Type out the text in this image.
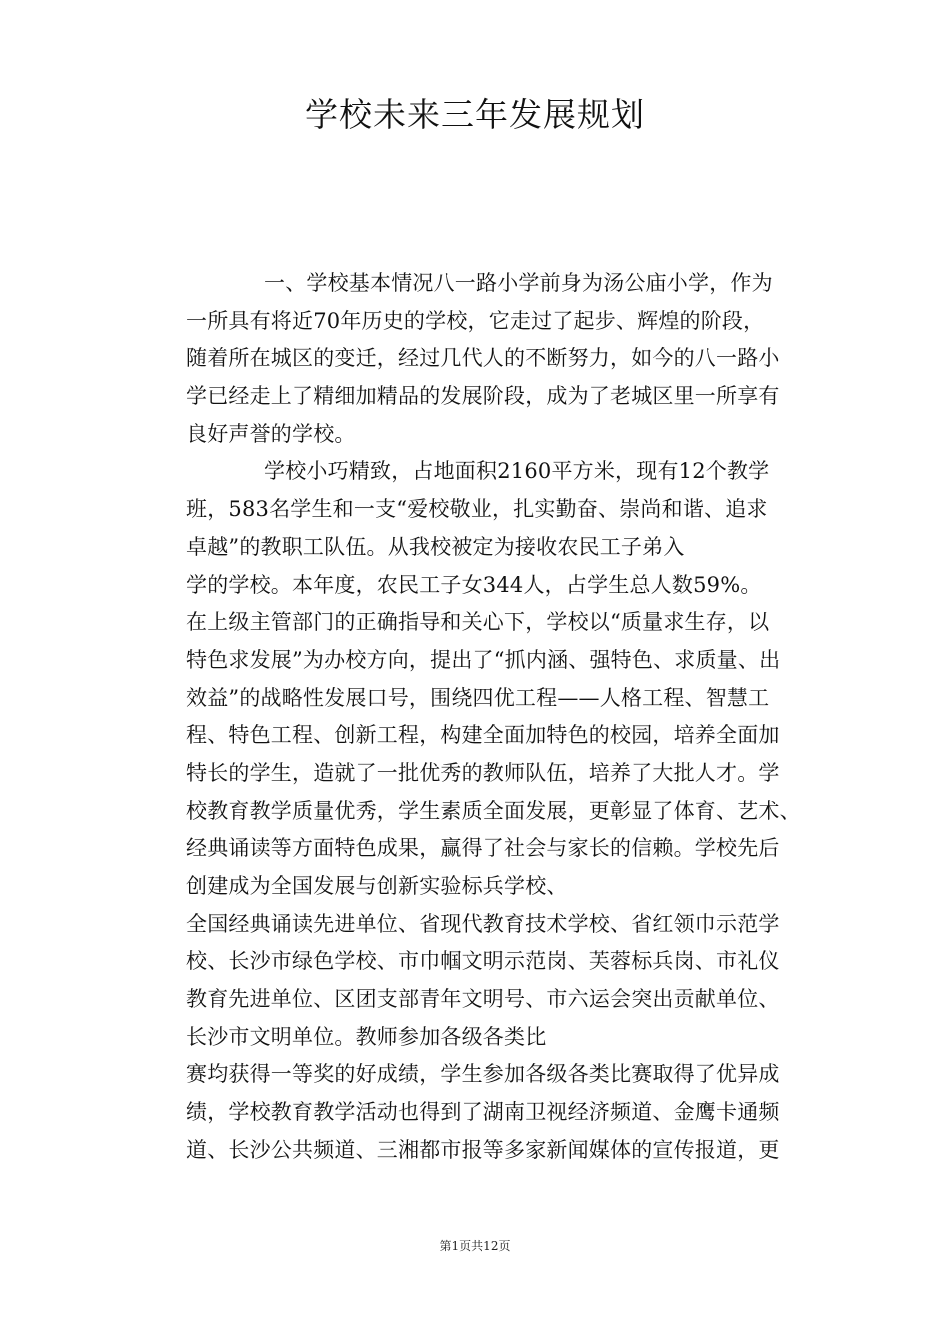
学校未来三年发展规划
一、学校基本情况八一路小学前身为汤公庙小学，作为
一所具有将近70年历史的学校，它走过了起步、辉煌的阶段，
随着所在城区的变迁，经过几代人的不断努力，如今的八一路小
学已经走上了精细加精品的发展阶段，成为了老城区里一所享有
良好声誉的学校。
学校小巧精致，占地面积2160平方米，现有12个教学
班，583名学生和一支“爱校敬业，扎实勤奋、崇尚和谐、追求
卓越”的教职工队伍。从我校被定为接收农民工子弟入
学的学校。本年度，农民工子女344人，占学生总人数59%。
在上级主管部门的正确指导和关心下，学校以“质量求生存，以
特色求发展”为办校方向，提出了“抓内涵、强特色、求质量、出
效益”的战略性发展口号，围绕四优工程——人格工程、智慧工
程、特色工程、创新工程，构建全面加特色的校园，培养全面加
特长的学生，造就了一批优秀的教师队伍，培养了大批人才。学
校教育教学质量优秀，学生素质全面发展，更彰显了体育、艺术、
经典诵读等方面特色成果，赢得了社会与家长的信赖。学校先后
创建成为全国发展与创新实验标兵学校、
全国经典诵读先进单位、省现代教育技术学校、省红领巾示范学
校、长沙市绿色学校、市巾帼文明示范岗、芙蓉标兵岗、市礼仪
教育先进单位、区团支部青年文明号、市六运会突出贡献单位、
长沙市文明单位。教师参加各级各类比
赛均获得一等奖的好成绩，学生参加各级各类比赛取得了优异成
绩，学校教育教学活动也得到了湖南卫视经济频道、金鹰卡通频
道、长沙公共频道、三湘都市报等多家新闻媒体的宣传报道，更
第1页共12页
